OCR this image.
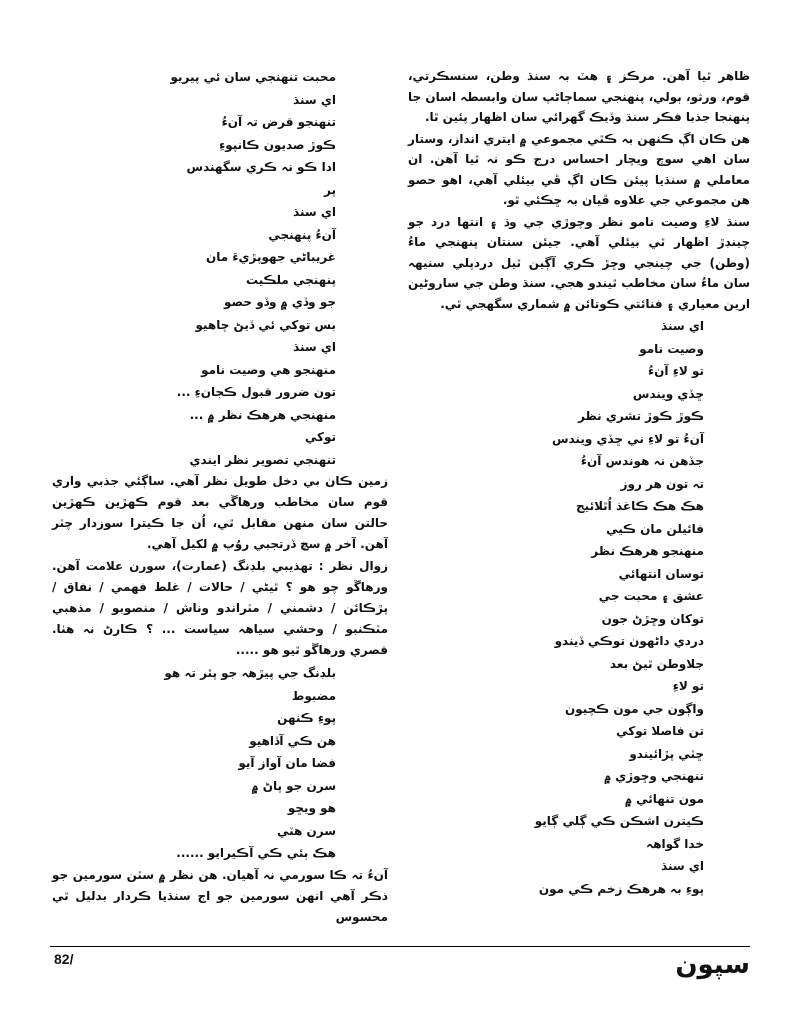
ظاهر ٿيا آهن. مرڪز ۽ هٽ بہ سنڌ وطن، سنسڪرتي، قوم، ورثو، ٻولي، پنهنجي سماڄاڻپ سان وابسطہ اسان جا پنهنجا جذبا فڪر سنڌ وڏيڪ گھرائي سان اظهار پئين ٿا.

هن ڪان اڳ ڪنهن بہ ڪٿي مجموعي ۾ ايتري انداز، وستار سان اهي سوچ ويچار احساس درج ڪو نہ ٿيا آهن. ان معاملي ۾ سنڌيا پيئن ڪان اڳ ڦي بيئلي آهي، اهو حصو هن مجموعي جي علاوه ڦيان بہ ڇڪئي ٿو.

سنڌ لاءِ وصيت نامو نظر وچوڙي جي وڌ ۽ انتها درد جو چينڊڙ اظهار ٿي بيئلي آهي. جيئن سنتان پنهنجي ماءُ (وطن) جي چينجي وڇڙ ڪري آڳين ٿيل دردپلي سنيهہ سان ماءُ سان مخاطب ٿيندو هجي. سنڌ وطن جي ساروڻين ارين معياري ۽ فنائتي ڪوتائن ۾ شماري سگهجي ٿي.

اي سنڌ
وصيت نامو
تو لاءِ آنءُ
ڇڏي ويندس
ڪوڙ ڪوڙ تشري نظر
آنءُ تو لاءِ ني ڇڏي ويندس
جڏهن نہ هوندس آنءُ
تہ تون هر روز
هڪ هڪ ڪاغذ اُٿلائيج
فائيلن مان ڪيي
منهنجو هرهڪ نظر
توسان انتهائي
عشق ۽ محبت جي
توکان وڇڙڻ جون
دردي داڻهون توڪي ڏيندو
جلاوطن ٿيڻ بعد
تو لاءِ
واڳون جي مون ڪچيون
تن فاصلا توکي
ڇٽي پڙائيندو
تنهنجي وڇوڙي ۾
مون تنهائي ۾
ڪيترن اشڪن ڪي ڳلي ڳايو
خدا گواهہ
اي سنڌ
پوءِ بہ هرهڪ زخم ڪي مون
محبت تنهنجي سان ئي پيريو
اي سنڌ
تنهنجو قرض تہ آنءُ
ڪوڙ صديون ڪانپوءِ
ادا ڪو نہ ڪري سگهندس
پر
اي سنڌ
آنءُ پنهنجي
غريباڻي جهوپڙيءَ مان
پنهنجي ملڪيت
جو وڏي ۾ وڏو حصو
بس توکي ئي ڏيڻ چاهيو
اي سنڌ
منهنجو هي وصيت نامو
تون ضرور قبول ڪجانءِ ...
منهنجي هرهڪ نظر ۾ ...
توکي
تنهنجي تصوير نظر ايندي

زمين ڪان بي دخل طويل نظر آهي. ساڳئي جذبي واري قوم سان مخاطب ورهاڱي بعد قوم ڪهڙين ڪهڙين حالتن سان منهن مقابل ٿي، اُن جا ڪيترا سوزدار چٽر آهن. آخر ۾ سچ ڏرتجبي روُپ ۾ لکيل آهي.

زوال نظر : تهذيبي بلڊنگ (عمارت)، سورن علامت آهن. ورهاڱو چو هو ؟ ٿيڻي / حالات / غلط فهمي / نفاق / پڙڪائن / دشمني / مٽراندو وناش / منصوبو / مذهبي مٽڪنبو / وحشي سياهہ سياست ... ؟ ڪارڻ نہ هٺا. قصري ورهاڱو ٿيو هو .....

بلڊنگ جي پيڙهہ جو پٿر تہ هو
مضبوط
پوءِ ڪنهن
هن ڪي آڏاهيو
فضا مان آواز آيو
سرن جو پاڻ ۾
هو ويڇو
سرن هٽي
هڪ ٻئي ڪي آڪيرايو ......

آنءُ تہ ڪا سورمي نہ آهيان. هن نظر ۾ سٽن سورمين جو ذڪر آهي انهن سورمين جو اڄ سنڌيا ڪردار بدليل ٿي محسوس

سپون
82/
